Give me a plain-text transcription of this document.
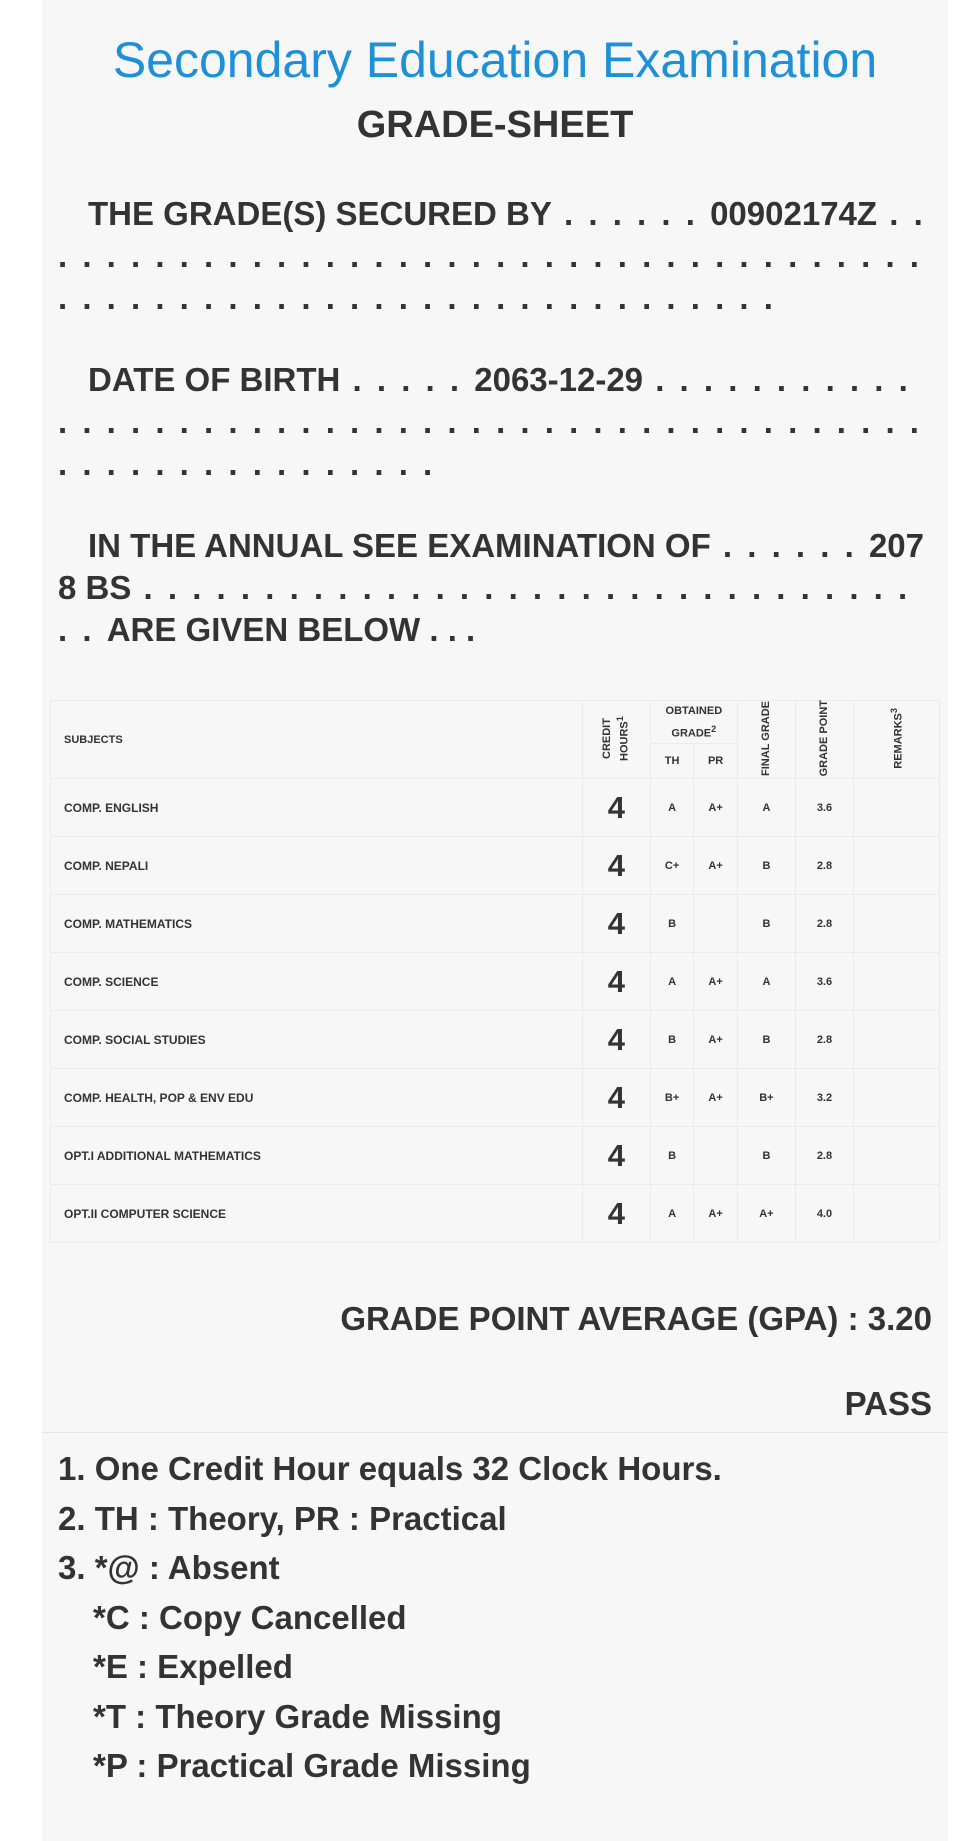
Secondary Education Examination
GRADE-SHEET
THE GRADE(S) SECURED BY . . . . . . 00902174Z . . . . . . . . . . . . . . . . . . . . . . . . . . . . . . . . . . . . . . . . . . . . . . . . . . . . . . . . . . . . . . . . . . . .
DATE OF BIRTH . . . . . 2063-12-29 . . . . . . . . . . . . . . . . . . . . . . . . . . . . . . . . . . . . . . . . . . . . . . . . . . . . . . . . . . . . . . .
IN THE ANNUAL SEE EXAMINATION OF . . . . . . 2078 BS . . . . . . . . . . . . . . . . . . . . . . . . . . . . . . . . . . ARE GIVEN BELOW . . .
SUBJECTS	CREDIT HOURS$^1$	OBTAINED GRADE$^2$		FINAL GRADE	GRADE POINT	REMARKS$^3$
		TH	PR			
COMP. ENGLISH	4	A	A+	A	3.6	
COMP. NEPALI	4	C+	A+	B	2.8	
COMP. MATHEMATICS	4	B		B	2.8	
COMP. SCIENCE	4	A	A+	A	3.6	
COMP. SOCIAL STUDIES	4	B	A+	B	2.8	
COMP. HEALTH, POP & ENV EDU	4	B+	A+	B+	3.2	
OPT.I ADDITIONAL MATHEMATICS	4	B		B	2.8	
OPT.II COMPUTER SCIENCE	4	A	A+	A+	4.0	
GRADE POINT AVERAGE (GPA) : 3.20
PASS
1. One Credit Hour equals 32 Clock Hours.
2. TH : Theory, PR : Practical
3. *@ : Absent
*C : Copy Cancelled
*E : Expelled
*T : Theory Grade Missing
*P : Practical Grade Missing
